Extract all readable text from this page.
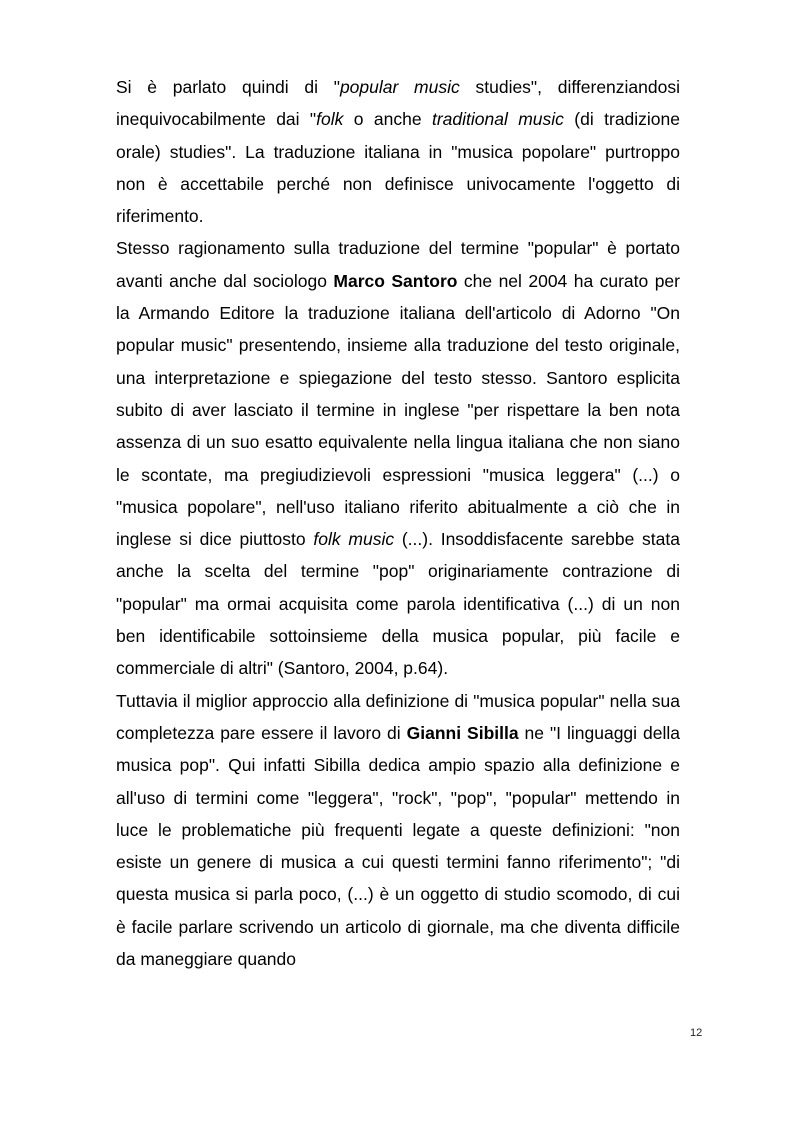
Si è parlato quindi di "popular music studies", differenziandosi inequivocabilmente dai "folk o anche traditional music (di tradizione orale) studies". La traduzione italiana in "musica popolare" purtroppo non è accettabile perché non definisce univocamente l'oggetto di riferimento.

Stesso ragionamento sulla traduzione del termine "popular" è portato avanti anche dal sociologo Marco Santoro che nel 2004 ha curato per la Armando Editore la traduzione italiana dell'articolo di Adorno "On popular music" presentendo, insieme alla traduzione del testo originale, una interpretazione e spiegazione del testo stesso. Santoro esplicita subito di aver lasciato il termine in inglese "per rispettare la ben nota assenza di un suo esatto equivalente nella lingua italiana che non siano le scontate, ma pregiudizievoli espressioni "musica leggera" (...) o "musica popolare", nell'uso italiano riferito abitualmente a ciò che in inglese si dice piuttosto folk music (...). Insoddisfacente sarebbe stata anche la scelta del termine "pop" originariamente contrazione di "popular" ma ormai acquisita come parola identificativa (...) di un non ben identificabile sottoinsieme della musica popular, più facile e commerciale di altri" (Santoro, 2004, p.64).

Tuttavia il miglior approccio alla definizione di "musica popular" nella sua completezza pare essere il lavoro di Gianni Sibilla ne "I linguaggi della musica pop". Qui infatti Sibilla dedica ampio spazio alla definizione e all'uso di termini come "leggera", "rock", "pop", "popular" mettendo in luce le problematiche più frequenti legate a queste definizioni: "non esiste un genere di musica a cui questi termini fanno riferimento"; "di questa musica si parla poco, (...) è un oggetto di studio scomodo, di cui è facile parlare scrivendo un articolo di giornale, ma che diventa difficile da maneggiare quando

12
